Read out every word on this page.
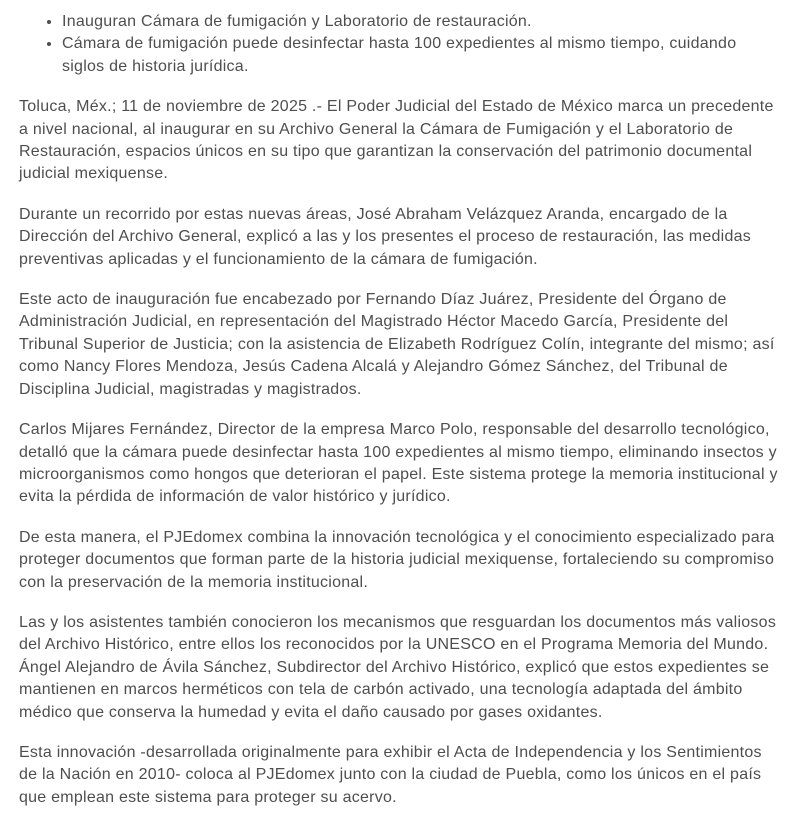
• Inauguran Cámara de fumigación y Laboratorio de restauración.
• Cámara de fumigación puede desinfectar hasta 100 expedientes al mismo tiempo, cuidando siglos de historia jurídica.

Toluca, Méx.; 11 de noviembre de 2025 .- El Poder Judicial del Estado de México marca un precedente a nivel nacional, al inaugurar en su Archivo General la Cámara de Fumigación y el Laboratorio de Restauración, espacios únicos en su tipo que garantizan la conservación del patrimonio documental judicial mexiquense.

Durante un recorrido por estas nuevas áreas, José Abraham Velázquez Aranda, encargado de la Dirección del Archivo General, explicó a las y los presentes el proceso de restauración, las medidas preventivas aplicadas y el funcionamiento de la cámara de fumigación.

Este acto de inauguración fue encabezado por Fernando Díaz Juárez, Presidente del Órgano de Administración Judicial, en representación del Magistrado Héctor Macedo García, Presidente del Tribunal Superior de Justicia; con la asistencia de Elizabeth Rodríguez Colín, integrante del mismo; así como Nancy Flores Mendoza, Jesús Cadena Alcalá y Alejandro Gómez Sánchez, del Tribunal de Disciplina Judicial, magistradas y magistrados.

Carlos Mijares Fernández, Director de la empresa Marco Polo, responsable del desarrollo tecnológico, detalló que la cámara puede desinfectar hasta 100 expedientes al mismo tiempo, eliminando insectos y microorganismos como hongos que deterioran el papel. Este sistema protege la memoria institucional y evita la pérdida de información de valor histórico y jurídico.

De esta manera, el PJEdomex combina la innovación tecnológica y el conocimiento especializado para proteger documentos que forman parte de la historia judicial mexiquense, fortaleciendo su compromiso con la preservación de la memoria institucional.

Las y los asistentes también conocieron los mecanismos que resguardan los documentos más valiosos del Archivo Histórico, entre ellos los reconocidos por la UNESCO en el Programa Memoria del Mundo. Ángel Alejandro de Ávila Sánchez, Subdirector del Archivo Histórico, explicó que estos expedientes se mantienen en marcos herméticos con tela de carbón activado, una tecnología adaptada del ámbito médico que conserva la humedad y evita el daño causado por gases oxidantes.

Esta innovación -desarrollada originalmente para exhibir el Acta de Independencia y los Sentimientos de la Nación en 2010- coloca al PJEdomex junto con la ciudad de Puebla, como los únicos en el país que emplean este sistema para proteger su acervo.
